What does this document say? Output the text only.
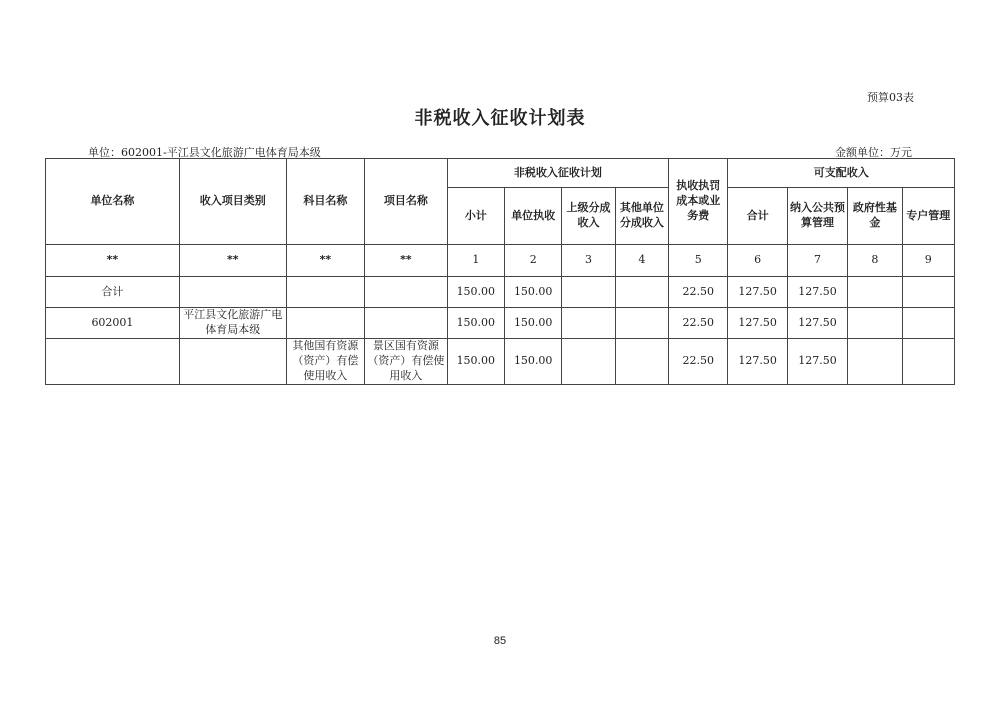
预算03表
非税收入征收计划表
单位：602001-平江县文化旅游广电体育局本级	金额单位：万元
单位名称	收入项目类别	科目名称	项目名称	非税收入征收计划				执收执罚成本或业务费	可支配收入			
				小计	单位执收	上级分成收入	其他单位分成收入		合计	纳入公共预算管理	政府性基金	专户管理
**	**	**	**	1	2	3	4	5	6	7	8	9
合计				150.00	150.00			22.50	127.50	127.50		
602001	平江县文化旅游广电体育局本级			150.00	150.00			22.50	127.50	127.50		
		其他国有资源（资产）有偿使用收入	景区国有资源（资产）有偿使用收入	150.00	150.00			22.50	127.50	127.50		
85
